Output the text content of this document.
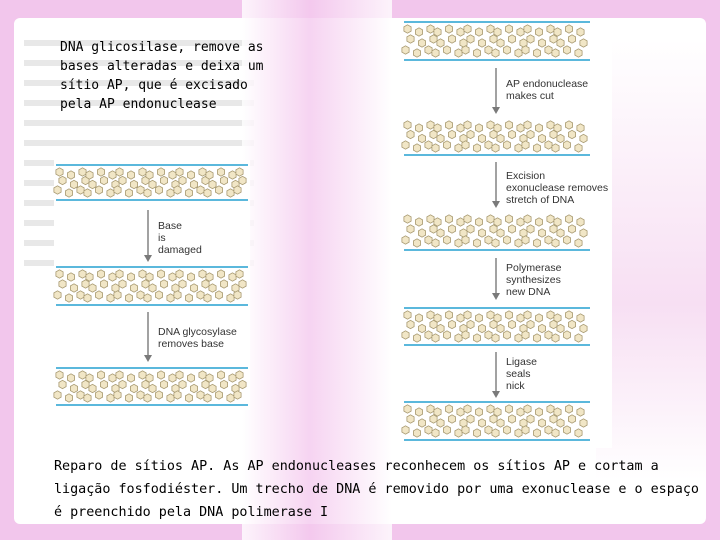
DNA glicosilase, remove as
bases alteradas e deixa um
sítio AP, que é excisado
pela AP endonuclease
Base
is
damaged
DNA glycosylase
removes base
AP endonuclease
makes cut
Excision
exonuclease removes
stretch of DNA
Polymerase
synthesizes
new DNA
Ligase
seals
nick
Reparo de sítios AP. As AP endonucleases reconhecem os sítios AP e cortam a ligação fosfodiéster. Um trecho de DNA é removido por uma exonuclease e o espaço é preenchido pela DNA polimerase I
